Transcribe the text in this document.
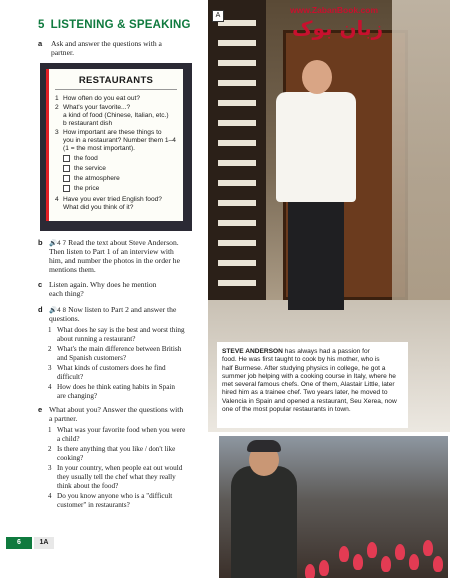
5 LISTENING & SPEAKING
a Ask and answer the questions with a
partner.
RESTAURANTS
1 How often do you eat out?
2 What's your favorite...?
a kind of food (Chinese, Italian, etc.)
b restaurant dish
3 How important are these things to
you in a restaurant? Number them 1–4
(1 = the most important).
the food
the service
the atmosphere
the price
4 Have you ever tried English food?
What did you think of it?
b 🔊4 7 Read the text about Steve Anderson.
Then listen to Part 1 of an interview with
him, and number the photos in the order he
mentions them.
c Listen again. Why does he mention
each thing?
d 🔊4 8 Now listen to Part 2 and answer the
questions.
1 What does he say is the best and worst thing
about running a restaurant?
2 What's the main difference between British
and Spanish customers?
3 What kinds of customers does he find
difficult?
4 How does he think eating habits in Spain
are changing?
e What about you? Answer the questions with
a partner.
1 What was your favorite food when you were
a child?
2 Is there anything that you like / don't like
cooking?
3 In your country, when people eat out would
they usually tell the chef what they really
think about the food?
4 Do you know anyone who is a "difficult
customer" in restaurants?
6	1A
A
www.ZabanBook.com
زبان بوک
STEVE ANDERSON has always had a passion for
food. He was first taught to cook by his mother, who is
half Burmese. After studying physics in college, he got a
summer job helping with a cooking course in Italy, where he
met several famous chefs. One of them, Alastair Little, later
hired him as a trainee chef. Two years later, he moved to
Valencia in Spain and opened a restaurant, Seu Xerea, now
one of the most popular restaurants in town.
